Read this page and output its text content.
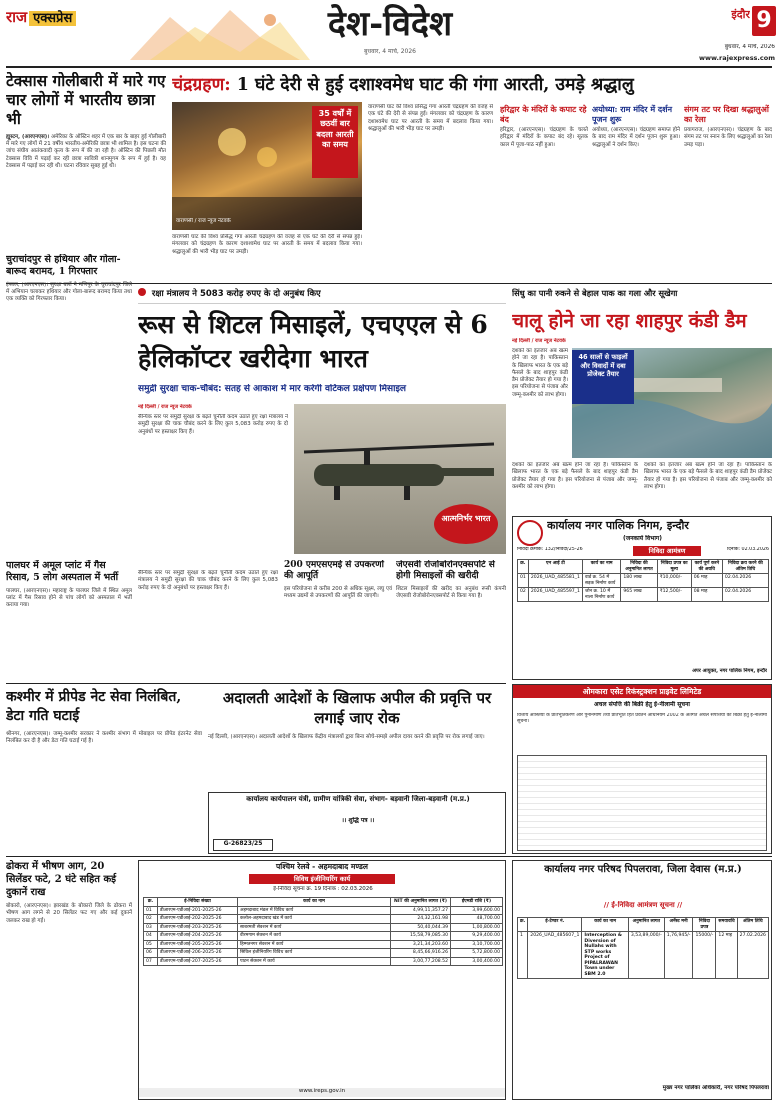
राज एक्सप्रेस	देश-विदेश
बुधवार, 4 मार्च, 2026
इंदौर 9
बुधवार, 4 मार्च, 2026
www.rajexpress.com
टेक्सास गोलीबारी में मारे गए चार लोगों में भारतीय छात्रा भी
ह्यूस्टन, (आरएनएस)। अमेरिका के ऑस्टिन शहर में एक बार के बाहर हुई गोलीबारी में मारे गए लोगों में 21 वर्षीय भारतीय-अमेरिकी छात्रा भी शामिल है। इस घटना की जांच संघीय आतंकवादी कृत्य के रूप में की जा रही है। ऑस्टिन की पिछली मौत टेक्सास विवि में पढ़ाई कर रही छात्रा सावित्री शानमुगम के रूप में हुई है। वह टेक्सास में पढ़ाई कर रही थी। घटना रविवार सुबह हुई थी।
चंद्रग्रहण: 1 घंटे देरी से हुई दशाश्वमेध घाट की गंगा आरती, उमड़े श्रद्धालु
35 वर्षों में छठवीं बार बदला आरती का समय
वाराणसी / राज न्यूज नेटवर्क
वाराणसी घाट की विश्व प्रसिद्ध गंगा आरती चंद्रग्रहण की वजह से एक घंटे की देरी से संपन्न हुई। मंगलवार को चंद्रग्रहण के कारण दशाश्वमेध घाट पर आरती के समय में बदलाव किया गया। श्रद्धालुओं की भारी भीड़ घाट पर उमड़ी।
वाराणसी घाट की विश्व प्रसिद्ध गंगा आरती चंद्रग्रहण की वजह से एक घंटे की देरी से संपन्न हुई। मंगलवार को चंद्रग्रहण के कारण दशाश्वमेध घाट पर आरती के समय में बदलाव किया गया। श्रद्धालुओं की भारी भीड़ घाट पर उमड़ी।
हरिद्वार के मंदिरों के कपाट रहे बंद
हरिद्वार, (आरएनएस)। चंद्रग्रहण के चलते हरिद्वार में मंदिरों के कपाट बंद रहे। सूतक काल में पूजा-पाठ नहीं हुआ।
अयोध्या: राम मंदिर में दर्शन पूजन शुरू
अयोध्या, (आरएनएस)। चंद्रग्रहण समाप्त होने के बाद राम मंदिर में दर्शन पूजन शुरू हुआ। श्रद्धालुओं ने दर्शन किए।
संगम तट पर दिखा श्रद्धालुओं का रेला
प्रयागराज, (आरएनएस)। चंद्रग्रहण के बाद संगम तट पर स्नान के लिए श्रद्धालुओं का रेला उमड़ पड़ा।
चुराचांदपुर से हथियार और गोला-बारूद बरामद, 1 गिरफ्तार
इंफाल, (आरएनएस)। सुरक्षा बलों ने मणिपुर के चुराचांदपुर जिले में अभियान चलाकर हथियार और गोला-बारूद बरामद किया तथा एक व्यक्ति को गिरफ्तार किया।
पालघर में अमूल प्लांट में गैस रिसाव, 5 लोग अस्पताल में भर्ती
पालघर, (आरएनएस)। महाराष्ट्र के पालघर जिले में स्थित अमूल प्लांट में गैस रिसाव होने से पांच लोगों को अस्पताल में भर्ती कराया गया।
रक्षा मंत्रालय ने 5083 करोड़ रुपए के दो अनुबंध किए
रूस से शिटल मिसाइलें, एचएएल से 6 हेलिकॉप्टर खरीदेगा भारत
समुद्री सुरक्षा चाक-चौबंद: सतह से आकाश में मार करेगी वर्टिकल प्रक्षेपण मिसाइल
नई दिल्ली / राज न्यूज नेटवर्क
सैन्यिक स्तर पर समुद्री सुरक्षा के बढ़ते चुनौती कदम उठाते हुए रक्षा मंत्रालय ने समुद्री सुरक्षा की चाक चौबंद करने के लिए कुल 5,083 करोड़ रुपए के दो अनुबंधों पर हस्ताक्षर किए हैं।
आत्मनिर्भर भारत
200 एमएसएमई से उपकरणों की आपूर्ति
इस परियोजना से करीब 200 से अधिक सूक्ष्म, लघु एवं मध्यम उद्यमों से उपकरणों की आपूर्ति की जाएगी।
जेएसवी रोजोबोरोनएक्सपोर्ट से होगी मिसाइलों की खरीदी
शिटल मिसाइलों की खरीद का अनुबंध रूसी कंपनी जेएसवी रोजोबोरोनएक्सपोर्ट से किया गया है।
सैन्यिक स्तर पर समुद्री सुरक्षा के बढ़ते चुनौती कदम उठाते हुए रक्षा मंत्रालय ने समुद्री सुरक्षा की चाक चौबंद करने के लिए कुल 5,083 करोड़ रुपए के दो अनुबंधों पर हस्ताक्षर किए हैं।
सिंधु का पानी रुकने से बेहाल पाक का गला और सूखेगा
चालू होने जा रहा शाहपुर कंडी डैम
नई दिल्ली / राज न्यूज नेटवर्क
46 सालों से फाइलों और विवादों में दबा प्रोजेक्ट तैयार
दशकों का इंतजार अब खत्म होने जा रहा है। पाकिस्तान के खिलाफ भारत के एक बड़े फैसले के बाद शाहपुर कंडी डैम प्रोजेक्ट तैयार हो गया है। इस परियोजना से पंजाब और जम्मू-कश्मीर को लाभ होगा।
दशकों का इंतजार अब खत्म होने जा रहा है। पाकिस्तान के खिलाफ भारत के एक बड़े फैसले के बाद शाहपुर कंडी डैम प्रोजेक्ट तैयार हो गया है। इस परियोजना से पंजाब और जम्मू-कश्मीर को लाभ होगा।
दशकों का इंतजार अब खत्म होने जा रहा है। पाकिस्तान के खिलाफ भारत के एक बड़े फैसले के बाद शाहपुर कंडी डैम प्रोजेक्ट तैयार हो गया है। इस परियोजना से पंजाब और जम्मू-कश्मीर को लाभ होगा।
कार्यालय नगर पालिक निगम, इन्दौर
(जनकार्य विभाग)
निविदा क्रमांक: 132/निविदा/25-26	निविदा आमंत्रण	दिनांक: 02.03.2026
क्र.	एन आई टी	कार्य का नाम	निविदा की अनुमानित लागत	निविदा प्रपत्र का मूल्य	कार्य पूर्ण करने की अवधि	निविदा क्रय करने की अंतिम तिथि
01	2026_UAD_485581_1	वार्ड क्र. 54 में सड़क निर्माण कार्य	180 लाख	₹10,000/-	06 माह	02.04.2026
02	2026_UAD_485597_1	जोन क्र. 10 में नाला निर्माण कार्य	965 लाख	₹12,500/-	08 माह	02.04.2026
अपर आयुक्त, नगर पालिक निगम, इन्दौर
कश्मीर में प्रीपेड नेट सेवा निलंबित, डेटा गति घटाई
श्रीनगर, (आरएनएस)। जम्मू-कश्मीर सरकार ने कश्मीर संभाग में मोबाइल पर प्रीपेड इंटरनेट सेवा निलंबित कर दी है और डेटा गति घटाई गई है।
अदालती आदेशों के खिलाफ अपील की प्रवृत्ति पर लगाई जाए रोक
नई दिल्ली, (आरएनएस)। अदालती आदेशों के खिलाफ केंद्रीय मंत्रालयों द्वारा बिना सोचे-समझे अपील दायर करने की प्रवृत्ति पर रोक लगाई जाए।
कार्यालय कार्यपालन यंत्री, ग्रामीण यांत्रिकी सेवा, संभाग- बड़वानी जिला-बड़वानी (म.प्र.)
।। शुद्धि पत्र ।।
G-26823/25
ओमकारा एसेट रिकंस्ट्रक्शन प्राइवेट लिमिटेड
अचल संपत्ति की बिक्री हेतु ई-नीलामी सूचना
वित्तीय आस्तियों के प्रतिभूतिकरण और पुनर्निर्माण तथा प्रतिभूति हित प्रवर्तन अधिनियम 2002 के अंतर्गत अचल संपत्तियों की बिक्री हेतु ई-नीलामी सूचना।
ढोकरा में भीषण आग, 20 सिलेंडर फटे, 2 घंटे सहित कई दुकानें राख
बोकारो, (आरएनएस)। झारखंड के बोकारो जिले के ढोकरा में भीषण आग लगने से 20 सिलेंडर फट गए और कई दुकानें जलकर राख हो गईं।
पश्चिम रेलवे - अहमदाबाद मण्डल
विविध इंजीनियरिंग कार्य
ई-निविदा सूचना क्र. 19 दिनांक : 02.03.2026
क्र.	ई-निविदा संख्या	कार्य का नाम	NIT की अनुमानित लागत (₹)	ईएमडी राशि (₹)
01	डीआरएम-एडीआई-201-2025-26	अहमदाबाद मंडल में विविध कार्य	4,99,11,357.27	3,99,600.00
02	डीआरएम-एडीआई-202-2025-26	कलोल-अहमदाबाद खंड में कार्य	24,32,161.98	48,700.00
03	डीआरएम-एडीआई-203-2025-26	साबरमती सेक्शन में कार्य	50,40,044.39	1,00,800.00
04	डीआरएम-एडीआई-204-2025-26	वीरमगाम सेक्शन में कार्य	15,58,79,085.30	9,29,400.00
05	डीआरएम-एडीआई-205-2025-26	हिम्मतनगर सेक्शन में कार्य	3,21,34,203.60	3,10,700.00
06	डीआरएम-एडीआई-206-2025-26	सिविल इंजीनियरिंग विविध कार्य	8,45,66,916.26	5,72,800.00
07	डीआरएम-एडीआई-207-2025-26	पाटन सेक्शन में कार्य	3,00,77,208.52	3,00,400.00
www.ireps.gov.in
कार्यालय नगर परिषद पिपलरावा, जिला देवास (म.प्र.)
// ई-निविदा आमंत्रण सूचना //
क्र.	ई-टेण्डर नं.	कार्य का नाम	अनुमानित लागत	अर्नेस्ट मनी	निविदा प्रपत्र	समयावधि	अंतिम तिथि
1	2026_UAD_485607_1	Interception & Diversion of Nullahs with STP works Project of PIPALRAWAN Town under SBM 2.0	3,53,89,000/-	1,76,945/-	15000/-	12 माह	27.02.2026
मुख्य नगर पालिका अधिकारी, नगर परिषद पिपलरावा
